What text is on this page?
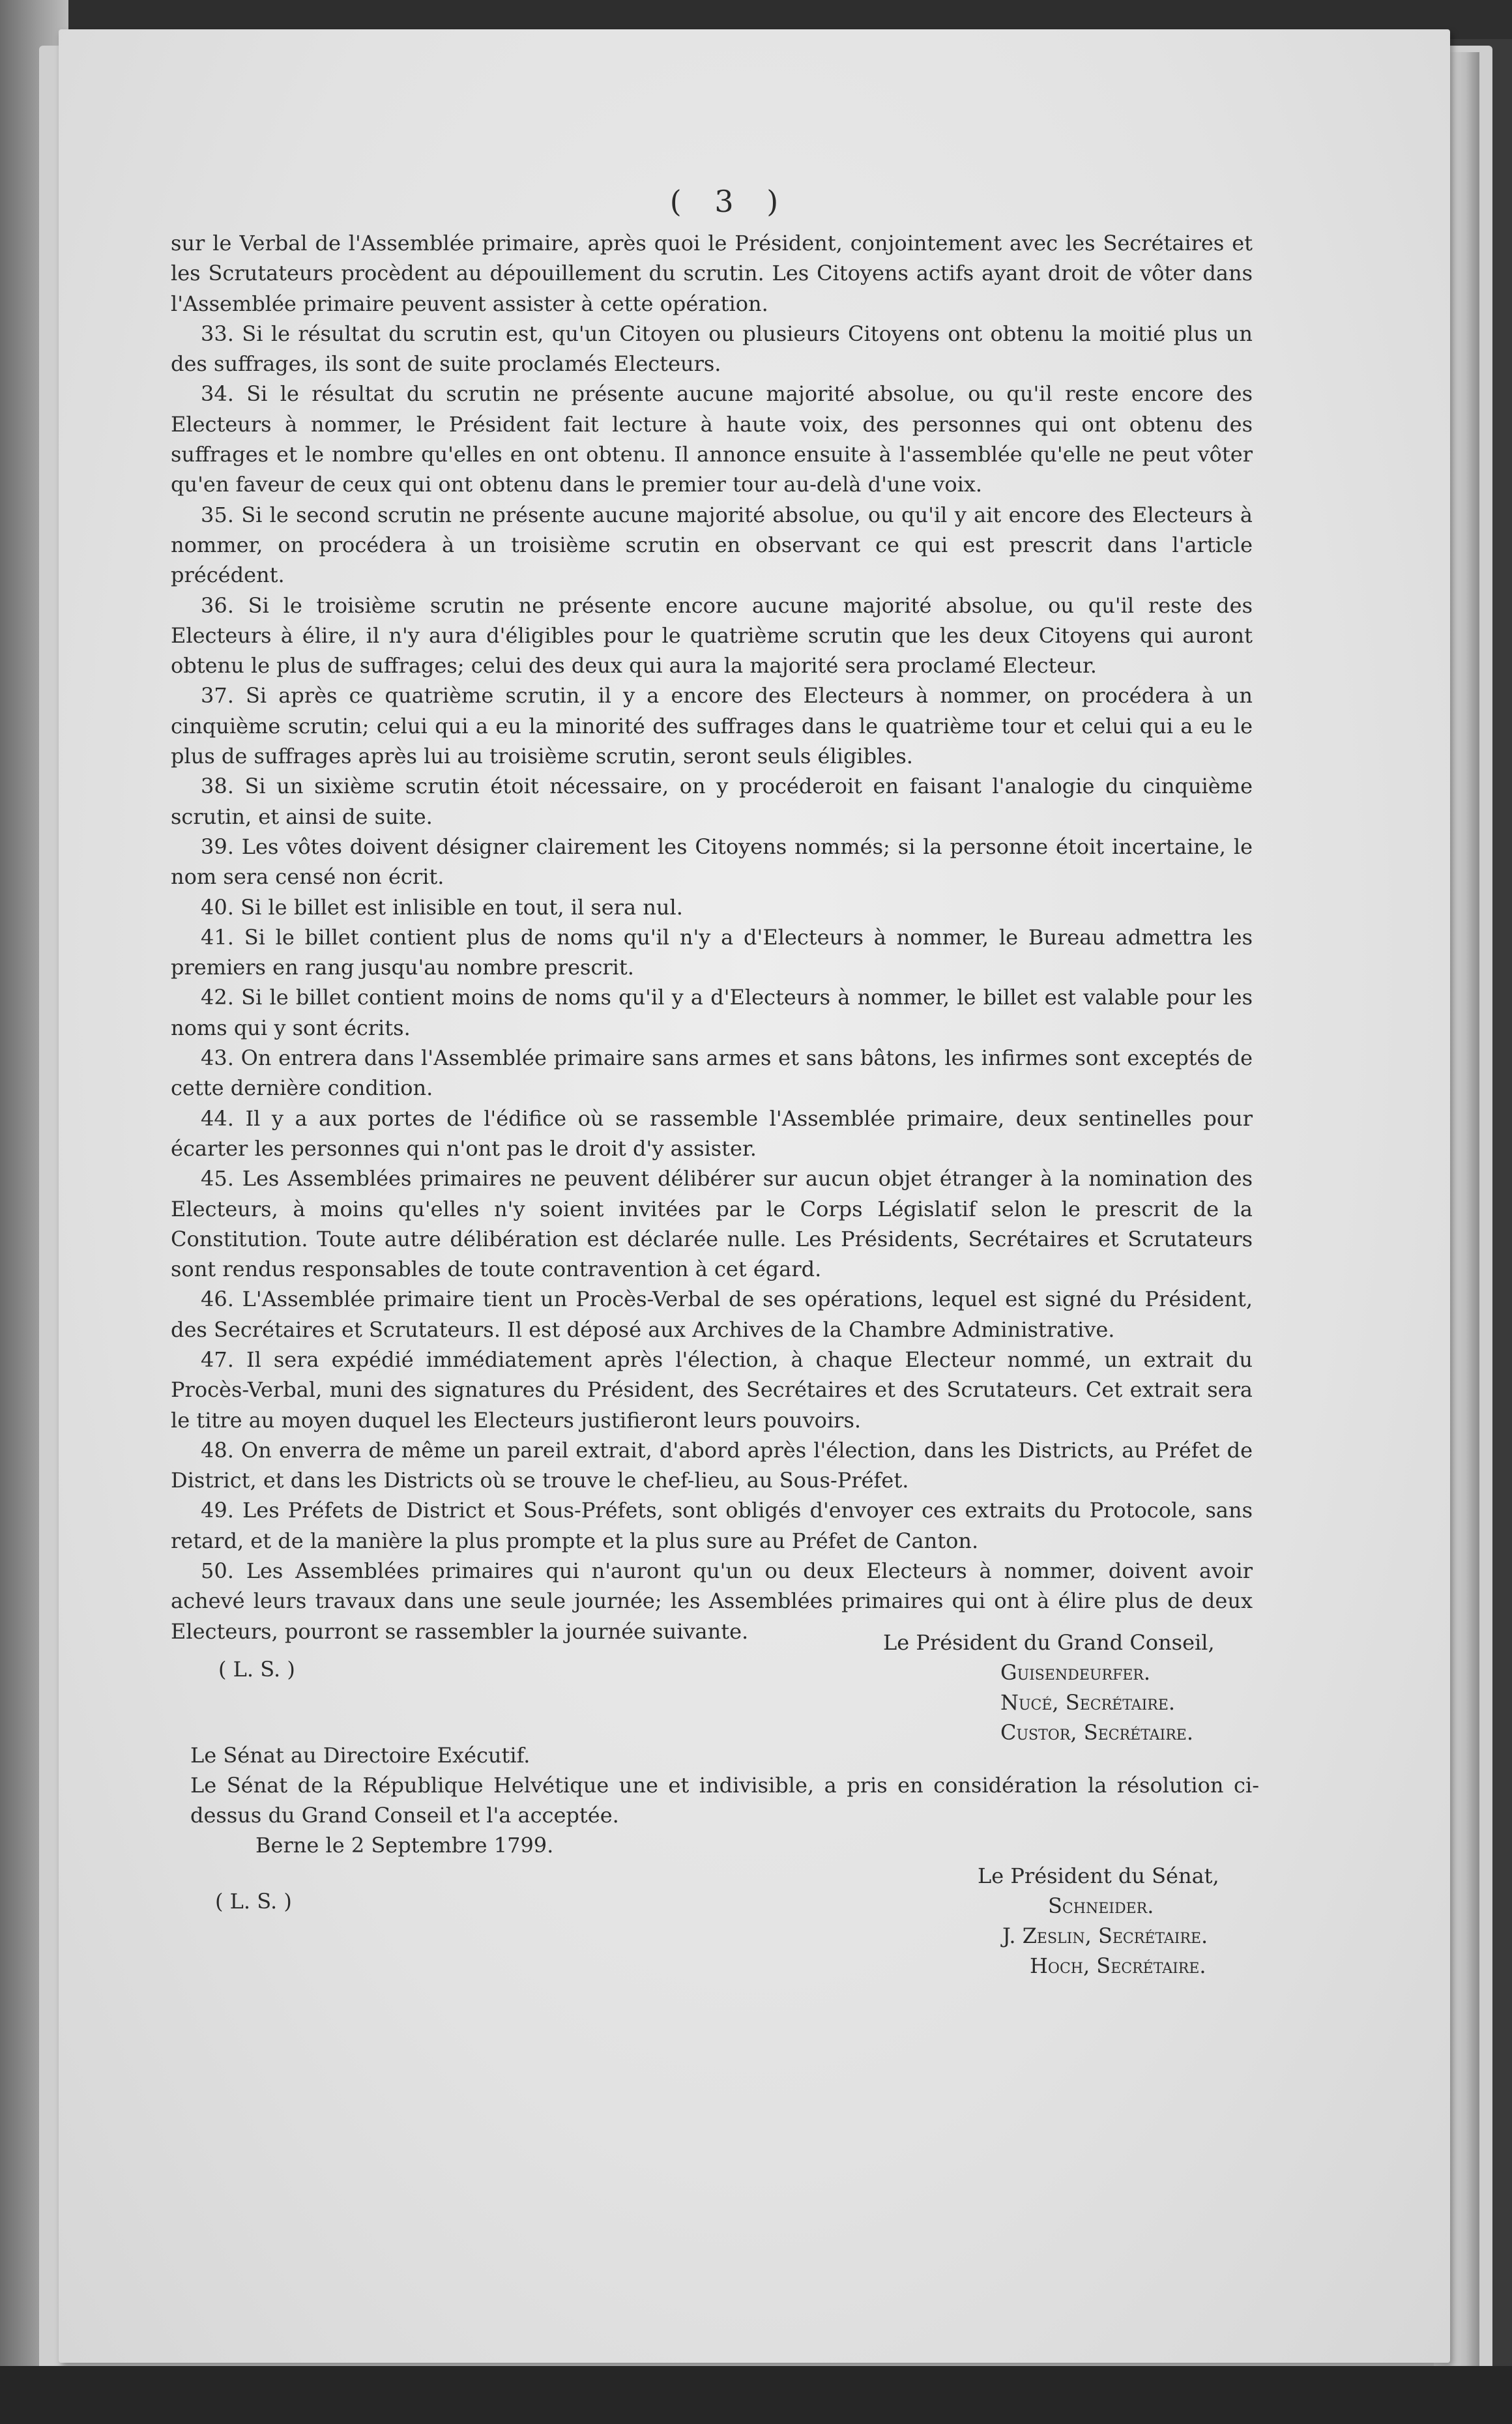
( 3 )

sur le Verbal de l'Assemblée primaire, après quoi le Président, conjointement avec les Secrétaires et les Scrutateurs procèdent au dépouillement du scrutin. Les Citoyens actifs ayant droit de vôter dans l'Assemblée primaire peuvent assister à cette opération.

33. Si le résultat du scrutin est, qu'un Citoyen ou plusieurs Citoyens ont obtenu la moitié plus un des suffrages, ils sont de suite proclamés Electeurs.

34. Si le résultat du scrutin ne présente aucune majorité absolue, ou qu'il reste encore des Electeurs à nommer, le Président fait lecture à haute voix, des personnes qui ont obtenu des suffrages et le nombre qu'elles en ont obtenu. Il annonce ensuite à l'assemblée qu'elle ne peut vôter qu'en faveur de ceux qui ont obtenu dans le premier tour au-delà d'une voix.

35. Si le second scrutin ne présente aucune majorité absolue, ou qu'il y ait encore des Electeurs à nommer, on procédera à un troisième scrutin en observant ce qui est prescrit dans l'article précédent.

36. Si le troisième scrutin ne présente encore aucune majorité absolue, ou qu'il reste des Electeurs à élire, il n'y aura d'éligibles pour le quatrième scrutin que les deux Citoyens qui auront obtenu le plus de suffrages; celui des deux qui aura la majorité sera proclamé Electeur.

37. Si après ce quatrième scrutin, il y a encore des Electeurs à nommer, on procédera à un cinquième scrutin; celui qui a eu la minorité des suffrages dans le quatrième tour et celui qui a eu le plus de suffrages après lui au troisième scrutin, seront seuls éligibles.

38. Si un sixième scrutin étoit nécessaire, on y procéderoit en faisant l'analogie du cinquième scrutin, et ainsi de suite.

39. Les vôtes doivent désigner clairement les Citoyens nommés; si la personne étoit incertaine, le nom sera censé non écrit.

40. Si le billet est inlisible en tout, il sera nul.

41. Si le billet contient plus de noms qu'il n'y a d'Electeurs à nommer, le Bureau admettra les premiers en rang jusqu'au nombre prescrit.

42. Si le billet contient moins de noms qu'il y a d'Electeurs à nommer, le billet est valable pour les noms qui y sont écrits.

43. On entrera dans l'Assemblée primaire sans armes et sans bâtons, les infirmes sont exceptés de cette dernière condition.

44. Il y a aux portes de l'édifice où se rassemble l'Assemblée primaire, deux sentinelles pour écarter les personnes qui n'ont pas le droit d'y assister.

45. Les Assemblées primaires ne peuvent délibérer sur aucun objet étranger à la nomination des Electeurs, à moins qu'elles n'y soient invitées par le Corps Législatif selon le prescrit de la Constitution. Toute autre délibération est déclarée nulle. Les Présidents, Secrétaires et Scrutateurs sont rendus responsables de toute contravention à cet égard.

46. L'Assemblée primaire tient un Procès-Verbal de ses opérations, lequel est signé du Président, des Secrétaires et Scrutateurs. Il est déposé aux Archives de la Chambre Administrative.

47. Il sera expédié immédiatement après l'élection, à chaque Electeur nommé, un extrait du Procès-Verbal, muni des signatures du Président, des Secrétaires et des Scrutateurs. Cet extrait sera le titre au moyen duquel les Electeurs justifieront leurs pouvoirs.

48. On enverra de même un pareil extrait, d'abord après l'élection, dans les Districts, au Préfet de District, et dans les Districts où se trouve le chef-lieu, au Sous-Préfet.

49. Les Préfets de District et Sous-Préfets, sont obligés d'envoyer ces extraits du Protocole, sans retard, et de la manière la plus prompte et la plus sure au Préfet de Canton.

50. Les Assemblées primaires qui n'auront qu'un ou deux Electeurs à nommer, doivent avoir achevé leurs travaux dans une seule journée; les Assemblées primaires qui ont à élire plus de deux Electeurs, pourront se rassembler la journée suivante.	Le Président du Grand Conseil,
Guisendeurfer.
Nucé, Secrétaire.
Custor, Secrétaire.
( L. S. )
Le Sénat au Directoire Exécutif.
Le Sénat de la République Helvétique une et indivisible, a pris en considération la résolution ci-dessus du Grand Conseil et l'a acceptée.
Berne le 2 Septembre 1799.
( L. S. )
Le Président du Sénat,
Schneider.
J. Zeslin, Secrétaire.
Hoch, Secrétaire.
